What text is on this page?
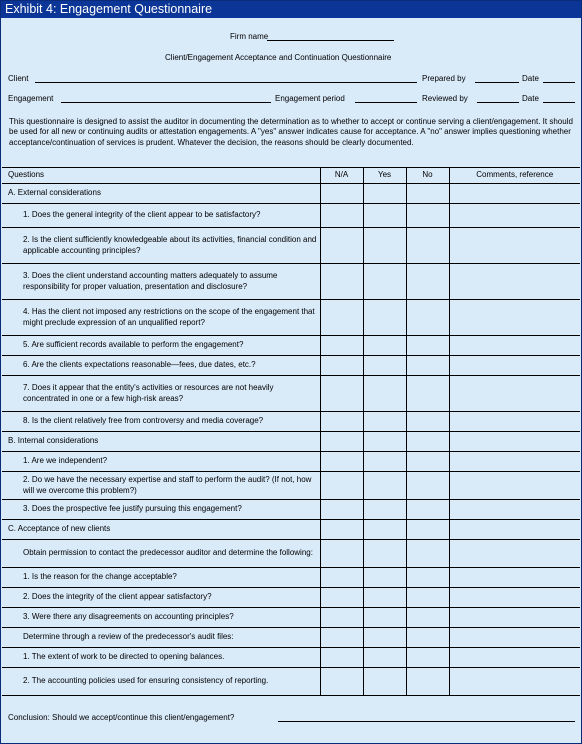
Exhibit 4: Engagement Questionnaire
Firm name
Client/Engagement Acceptance and Continuation Questionnaire
Client	Prepared by	Date
Engagement	Engagement period	Reviewed by	Date
This questionnaire is designed to assist the auditor in documenting the determination as to whether to accept or continue serving a client/engagement. It should be used for all new or continuing audits or attestation engagements. A "yes" answer indicates cause for acceptance. A "no" answer implies questioning whether acceptance/continuation of services is prudent. Whatever the decision, the reasons should be clearly documented.
Questions	N/A	Yes	No	Comments, reference
A. External considerations				
1. Does the general integrity of the client appear to be satisfactory?				
2. Is the client sufficiently knowledgeable about its activities, financial condition and applicable accounting principles?				
3. Does the client understand accounting matters adequately to assume responsibility for proper valuation, presentation and disclosure?				
4. Has the client not imposed any restrictions on the scope of the engagement that might preclude expression of an unqualified report?				
5. Are sufficient records available to perform the engagement?				
6. Are the clients expectations reasonable—fees, due dates, etc.?				
7. Does it appear that the entity's activities or resources are not heavily concentrated in one or a few high-risk areas?				
8. Is the client relatively free from controversy and media coverage?				
B. Internal considerations				
1. Are we independent?				
2. Do we have the necessary expertise and staff to perform the audit? (If not, how will we overcome this problem?)				
3. Does the prospective fee justify pursuing this engagement?				
C. Acceptance of new clients				
Obtain permission to contact the predecessor auditor and determine the following:				
1. Is the reason for the change acceptable?				
2. Does the integrity of the client appear satisfactory?				
3. Were there any disagreements on accounting principles?				
Determine through a review of the predecessor's audit files:				
1. The extent of work to be directed to opening balances.				
2. The accounting policies used for ensuring consistency of reporting.				
Conclusion: Should we accept/continue this client/engagement?
